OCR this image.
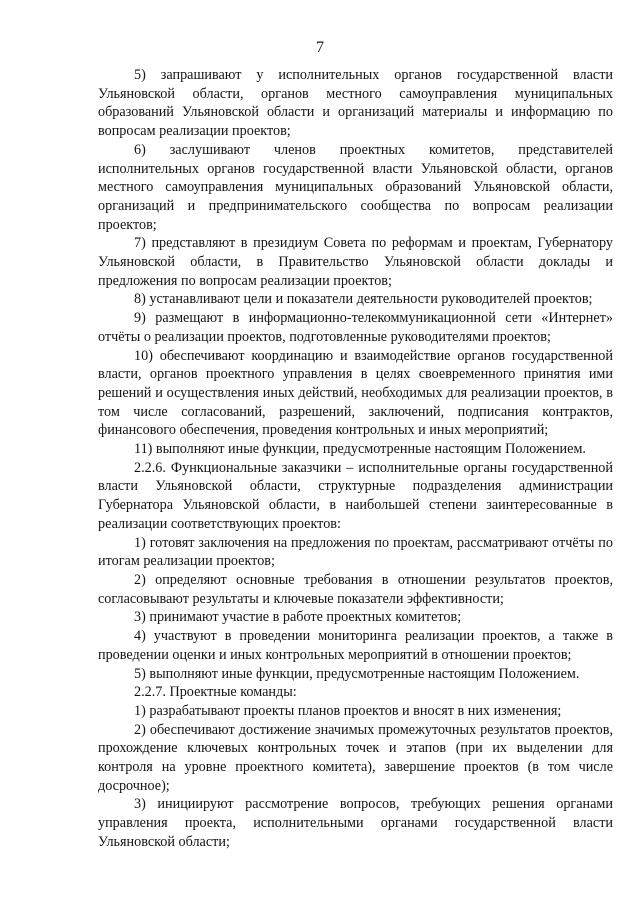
7

5) запрашивают у исполнительных органов государственной власти Ульяновской области, органов местного самоуправления муниципальных образований Ульяновской области и организаций материалы и информацию по вопросам реализации проектов;

6) заслушивают членов проектных комитетов, представителей исполнительных органов государственной власти Ульяновской области, органов местного самоуправления муниципальных образований Ульяновской области, организаций и предпринимательского сообщества по вопросам реализации проектов;

7) представляют в президиум Совета по реформам и проектам, Губернатору Ульяновской области, в Правительство Ульяновской области доклады и предложения по вопросам реализации проектов;

8) устанавливают цели и показатели деятельности руководителей проектов;

9) размещают в информационно-телекоммуникационной сети «Интернет» отчёты о реализации проектов, подготовленные руководителями проектов;

10) обеспечивают координацию и взаимодействие органов государственной власти, органов проектного управления в целях своевременного принятия ими решений и осуществления иных действий, необходимых для реализации проектов, в том числе согласований, разрешений, заключений, подписания контрактов, финансового обеспечения, проведения контрольных и иных мероприятий;

11) выполняют иные функции, предусмотренные настоящим Положением.

2.2.6. Функциональные заказчики – исполнительные органы государственной власти Ульяновской области, структурные подразделения администрации Губернатора Ульяновской области, в наибольшей степени заинтересованные в реализации соответствующих проектов:

1) готовят заключения на предложения по проектам, рассматривают отчёты по итогам реализации проектов;

2) определяют основные требования в отношении результатов проектов, согласовывают результаты и ключевые показатели эффективности;

3) принимают участие в работе проектных комитетов;

4) участвуют в проведении мониторинга реализации проектов, а также в проведении оценки и иных контрольных мероприятий в отношении проектов;

5) выполняют иные функции, предусмотренные настоящим Положением.

2.2.7. Проектные команды:

1) разрабатывают проекты планов проектов и вносят в них изменения;

2) обеспечивают достижение значимых промежуточных результатов проектов, прохождение ключевых контрольных точек и этапов (при их выделении для контроля на уровне проектного комитета), завершение проектов (в том числе досрочное);

3) инициируют рассмотрение вопросов, требующих решения органами управления проекта, исполнительными органами государственной власти Ульяновской области;
